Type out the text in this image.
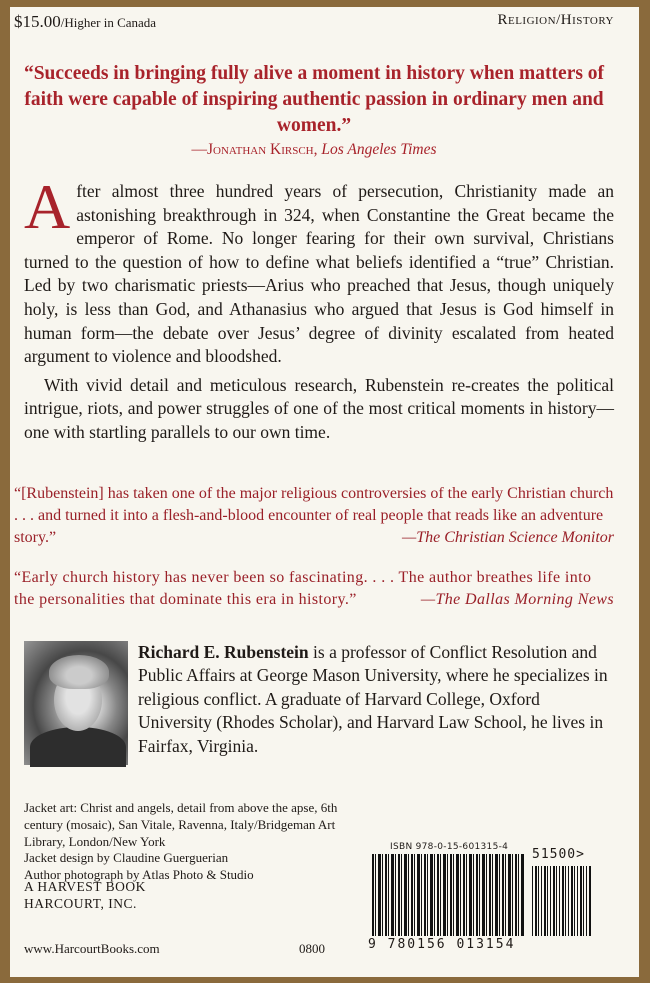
$15.00/Higher in Canada	Religion/History
“Succeeds in bringing fully alive a moment in history when matters of faith were capable of inspiring authentic passion in ordinary men and women.”
—Jonathan Kirsch, Los Angeles Times

After almost three hundred years of persecution, Christianity made an astonishing breakthrough in 324, when Constantine the Great became the emperor of Rome. No longer fearing for their own survival, Christians turned to the question of how to define what beliefs identified a “true” Christian. Led by two charismatic priests—Arius who preached that Jesus, though uniquely holy, is less than God, and Athanasius who argued that Jesus is God himself in human form—the debate over Jesus’ degree of divinity escalated from heated argument to violence and bloodshed.

With vivid detail and meticulous research, Rubenstein re-creates the political intrigue, riots, and power struggles of one of the most critical moments in history—one with startling parallels to our own time.

“[Rubenstein] has taken one of the major religious controversies of the early Christian church . . . and turned it into a flesh-and-blood encounter of real people that reads like an adventure story.”	—The Christian Science Monitor
“Early church history has never been so fascinating. . . . The author breathes life into the personalities that dominate this era in history.”	—The Dallas Morning News
Richard E. Rubenstein is a professor of Conflict Resolution and Public Affairs at George Mason University, where he specializes in religious conflict. A graduate of Harvard College, Oxford University (Rhodes Scholar), and Harvard Law School, he lives in Fairfax, Virginia.
Jacket art: Christ and angels, detail from above the apse, 6th century (mosaic), San Vitale, Ravenna, Italy/Bridgeman Art Library, London/New York
Jacket design by Claudine Guerguerian
Author photograph by Atlas Photo & Studio
A HARVEST BOOK
HARCOURT, INC.
ISBN 978-0-15-601315-4 51500>
9 780156 013154
www.HarcourtBooks.com	0800
